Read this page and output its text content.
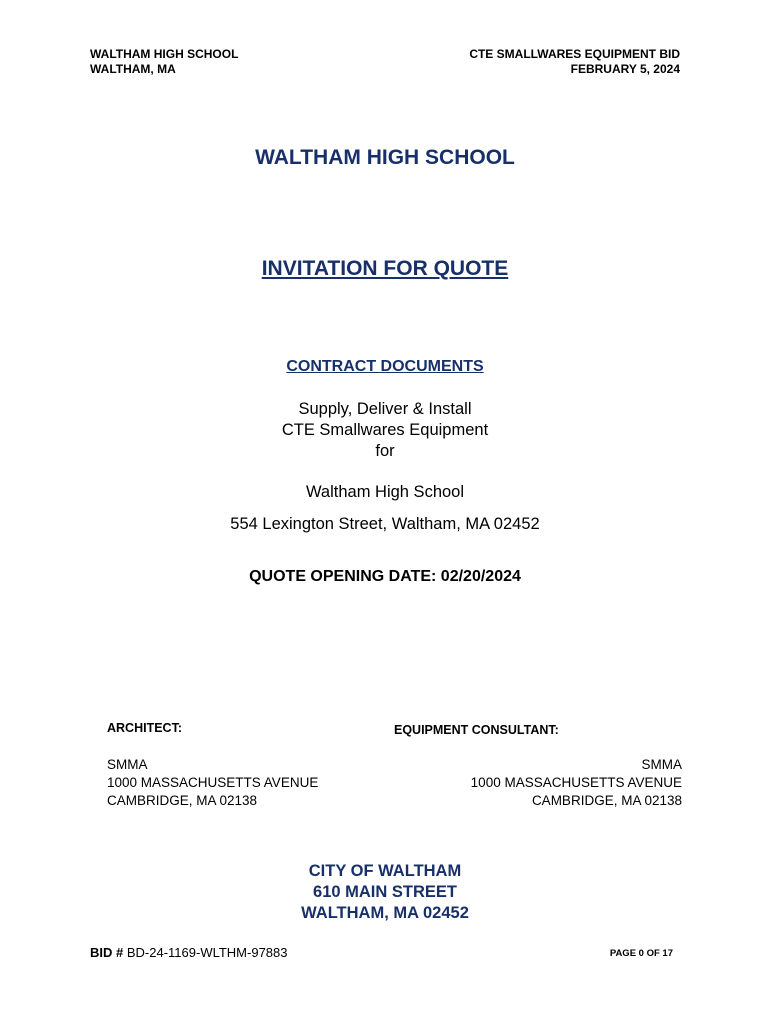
WALTHAM HIGH SCHOOL
WALTHAM, MA
CTE SMALLWARES EQUIPMENT BID
FEBRUARY 5, 2024
WALTHAM HIGH SCHOOL
INVITATION FOR QUOTE
CONTRACT DOCUMENTS
Supply, Deliver & Install
CTE Smallwares Equipment
for
Waltham High School
554 Lexington Street, Waltham, MA 02452
QUOTE OPENING DATE: 02/20/2024
ARCHITECT:	EQUIPMENT CONSULTANT:
SMMA
1000 MASSACHUSETTS AVENUE
CAMBRIDGE, MA 02138
SMMA
1000 MASSACHUSETTS AVENUE
CAMBRIDGE, MA 02138
CITY OF WALTHAM
610 MAIN STREET
WALTHAM, MA 02452
BID # BD-24-1169-WLTHM-97883	PAGE 0 OF 17
